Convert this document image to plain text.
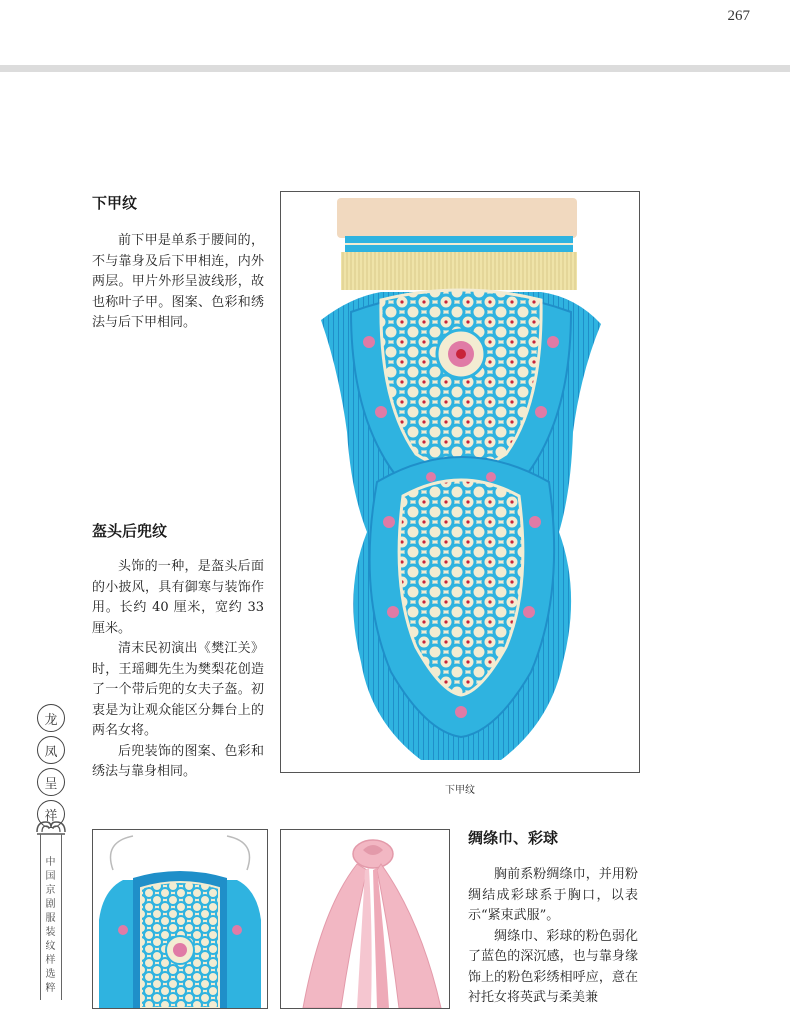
267
下甲纹

前下甲是单系于腰间的，不与靠身及后下甲相连，内外两层。甲片外形呈波线形，故也称叶子甲。图案、色彩和绣法与后下甲相同。

盔头后兜纹

头饰的一种，是盔头后面的小披风，具有御寒与装饰作用。长约 40 厘米，宽约 33 厘米。

清末民初演出《樊江关》时，王瑶卿先生为樊梨花创造了一个带后兜的女夫子盔。初衷是为让观众能区分舞台上的两名女将。

后兜装饰的图案、色彩和绣法与靠身相同。

下甲纹
龙
凤
呈
祥
中国京剧服装纹样选粹
绸绦巾、彩球

胸前系粉绸绦巾，并用粉绸结成彩球系于胸口，以表示“紧束武服”。

绸绦巾、彩球的粉色弱化了蓝色的深沉感，也与靠身缘饰上的粉色彩绣相呼应，意在衬托女将英武与柔美兼
